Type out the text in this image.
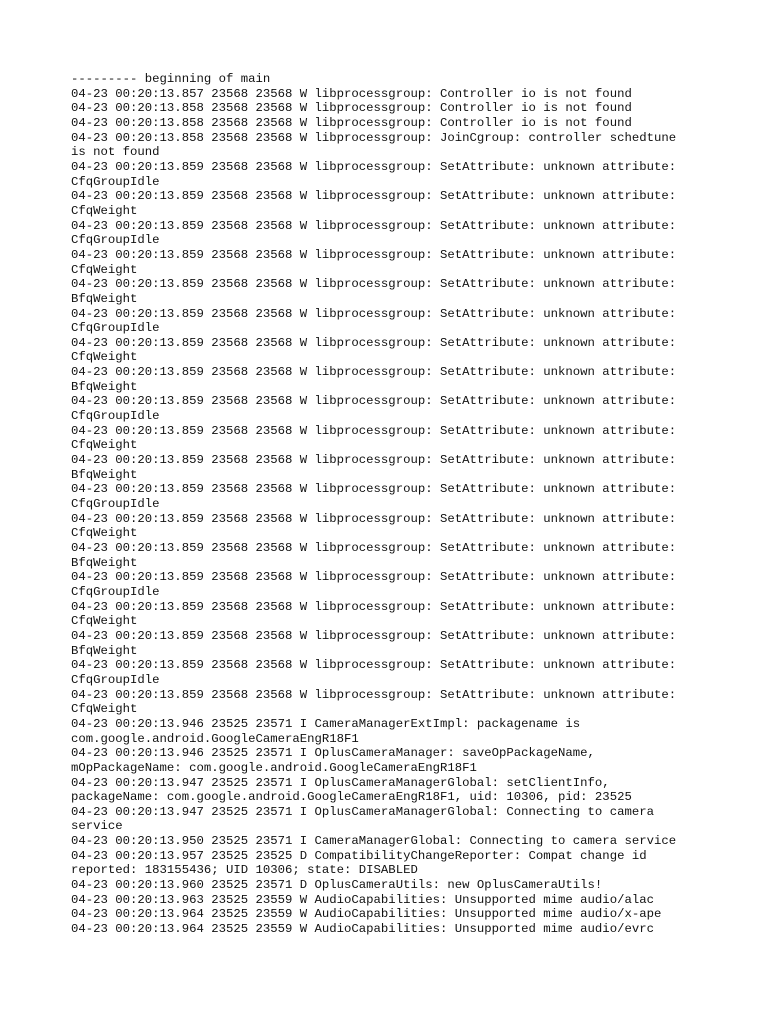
--------- beginning of main
04-23 00:20:13.857 23568 23568 W libprocessgroup: Controller io is not found
04-23 00:20:13.858 23568 23568 W libprocessgroup: Controller io is not found
04-23 00:20:13.858 23568 23568 W libprocessgroup: Controller io is not found
04-23 00:20:13.858 23568 23568 W libprocessgroup: JoinCgroup: controller schedtune
is not found
04-23 00:20:13.859 23568 23568 W libprocessgroup: SetAttribute: unknown attribute:
CfqGroupIdle
04-23 00:20:13.859 23568 23568 W libprocessgroup: SetAttribute: unknown attribute:
CfqWeight
04-23 00:20:13.859 23568 23568 W libprocessgroup: SetAttribute: unknown attribute:
CfqGroupIdle
04-23 00:20:13.859 23568 23568 W libprocessgroup: SetAttribute: unknown attribute:
CfqWeight
04-23 00:20:13.859 23568 23568 W libprocessgroup: SetAttribute: unknown attribute:
BfqWeight
04-23 00:20:13.859 23568 23568 W libprocessgroup: SetAttribute: unknown attribute:
CfqGroupIdle
04-23 00:20:13.859 23568 23568 W libprocessgroup: SetAttribute: unknown attribute:
CfqWeight
04-23 00:20:13.859 23568 23568 W libprocessgroup: SetAttribute: unknown attribute:
BfqWeight
04-23 00:20:13.859 23568 23568 W libprocessgroup: SetAttribute: unknown attribute:
CfqGroupIdle
04-23 00:20:13.859 23568 23568 W libprocessgroup: SetAttribute: unknown attribute:
CfqWeight
04-23 00:20:13.859 23568 23568 W libprocessgroup: SetAttribute: unknown attribute:
BfqWeight
04-23 00:20:13.859 23568 23568 W libprocessgroup: SetAttribute: unknown attribute:
CfqGroupIdle
04-23 00:20:13.859 23568 23568 W libprocessgroup: SetAttribute: unknown attribute:
CfqWeight
04-23 00:20:13.859 23568 23568 W libprocessgroup: SetAttribute: unknown attribute:
BfqWeight
04-23 00:20:13.859 23568 23568 W libprocessgroup: SetAttribute: unknown attribute:
CfqGroupIdle
04-23 00:20:13.859 23568 23568 W libprocessgroup: SetAttribute: unknown attribute:
CfqWeight
04-23 00:20:13.859 23568 23568 W libprocessgroup: SetAttribute: unknown attribute:
BfqWeight
04-23 00:20:13.859 23568 23568 W libprocessgroup: SetAttribute: unknown attribute:
CfqGroupIdle
04-23 00:20:13.859 23568 23568 W libprocessgroup: SetAttribute: unknown attribute:
CfqWeight
04-23 00:20:13.946 23525 23571 I CameraManagerExtImpl: packagename is
com.google.android.GoogleCameraEngR18F1
04-23 00:20:13.946 23525 23571 I OplusCameraManager: saveOpPackageName,
mOpPackageName: com.google.android.GoogleCameraEngR18F1
04-23 00:20:13.947 23525 23571 I OplusCameraManagerGlobal: setClientInfo,
packageName: com.google.android.GoogleCameraEngR18F1, uid: 10306, pid: 23525
04-23 00:20:13.947 23525 23571 I OplusCameraManagerGlobal: Connecting to camera
service
04-23 00:20:13.950 23525 23571 I CameraManagerGlobal: Connecting to camera service
04-23 00:20:13.957 23525 23525 D CompatibilityChangeReporter: Compat change id
reported: 183155436; UID 10306; state: DISABLED
04-23 00:20:13.960 23525 23571 D OplusCameraUtils: new OplusCameraUtils!
04-23 00:20:13.963 23525 23559 W AudioCapabilities: Unsupported mime audio/alac
04-23 00:20:13.964 23525 23559 W AudioCapabilities: Unsupported mime audio/x-ape
04-23 00:20:13.964 23525 23559 W AudioCapabilities: Unsupported mime audio/evrc
